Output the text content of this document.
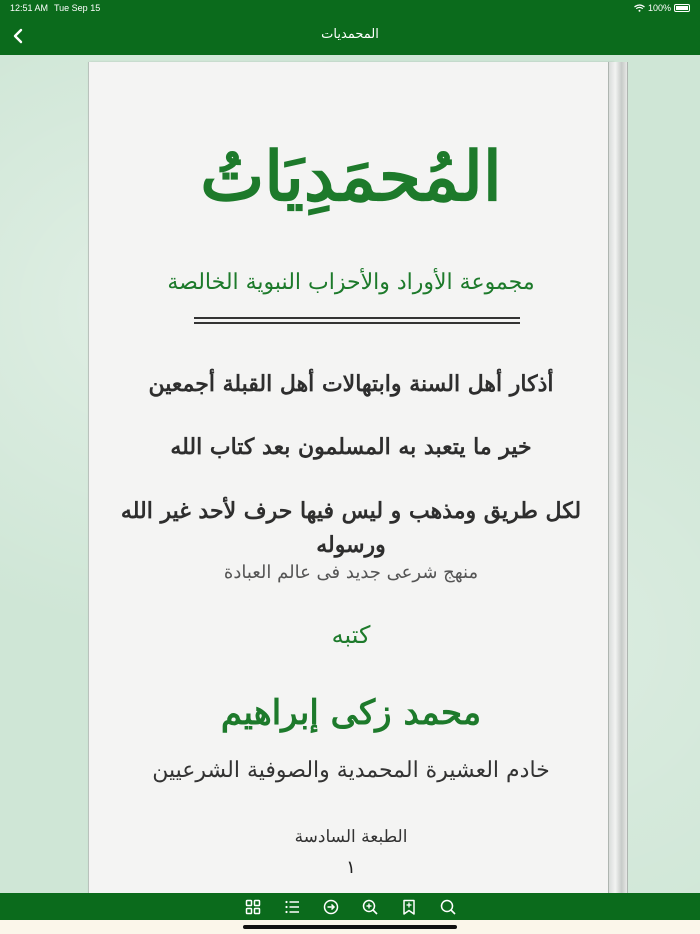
12:51 AM Tue Sep 15	100%
المحمديات
المُحمَدِيَاتُ
مجموعة الأوراد والأحزاب النبوية الخالصة
أذكار أهل السنة وابتهالات أهل القبلة أجمعين
خير ما يتعبد به المسلمون بعد كتاب الله
لكل طريق ومذهب و ليس فيها حرف لأحد غير الله ورسوله
منهج شرعى جديد فى عالم العبادة
كتبه
محمد زكى إبراهيم
خادم العشيرة المحمدية والصوفية الشرعيين
الطبعة السادسة
١
